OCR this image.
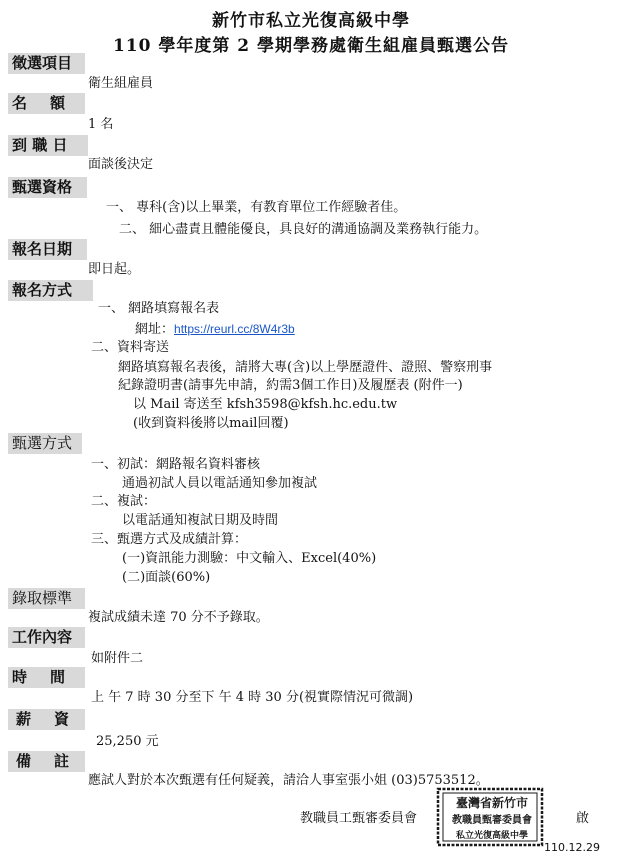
新竹市私立光復高級中學
110 學年度第 2 學期學務處衛生組雇員甄選公告
徵選項目
衛生組雇員
名　額
1 名
到 職 日
面談後決定
甄選資格
一、 專科(含)以上畢業，有教育單位工作經驗者佳。
二、 細心盡責且體能優良，具良好的溝通協調及業務執行能力。
報名日期
即日起。
報名方式
一、 網路填寫報名表
網址：https://reurl.cc/8W4r3b
二、資料寄送
網路填寫報名表後，請將大專(含)以上學歷證件、證照、警察刑事
紀錄證明書(請事先申請，約需3個工作日)及履歷表 (附件一)
以 Mail 寄送至 kfsh3598@kfsh.hc.edu.tw
(收到資料後將以mail回覆)
甄選方式
一、初試：網路報名資料審核
通過初試人員以電話通知參加複試
二、複試：
以電話通知複試日期及時間
三、甄選方式及成績計算：
(一)資訊能力測驗：中文輸入、Excel(40%)
(二)面談(60%)
錄取標準
複試成績未達 70 分不予錄取。
工作內容
如附件二
時　間
上 午 7 時 30 分至下 午 4 時 30 分(視實際情況可微調)
薪　資
25,250 元
備　註
應試人對於本次甄選有任何疑義，請洽人事室張小姐 (03)5753512。
教職員工甄審委員會	啟
110.12.29
臺灣省新竹市
教職員甄審委員會
私立光復高級中學
